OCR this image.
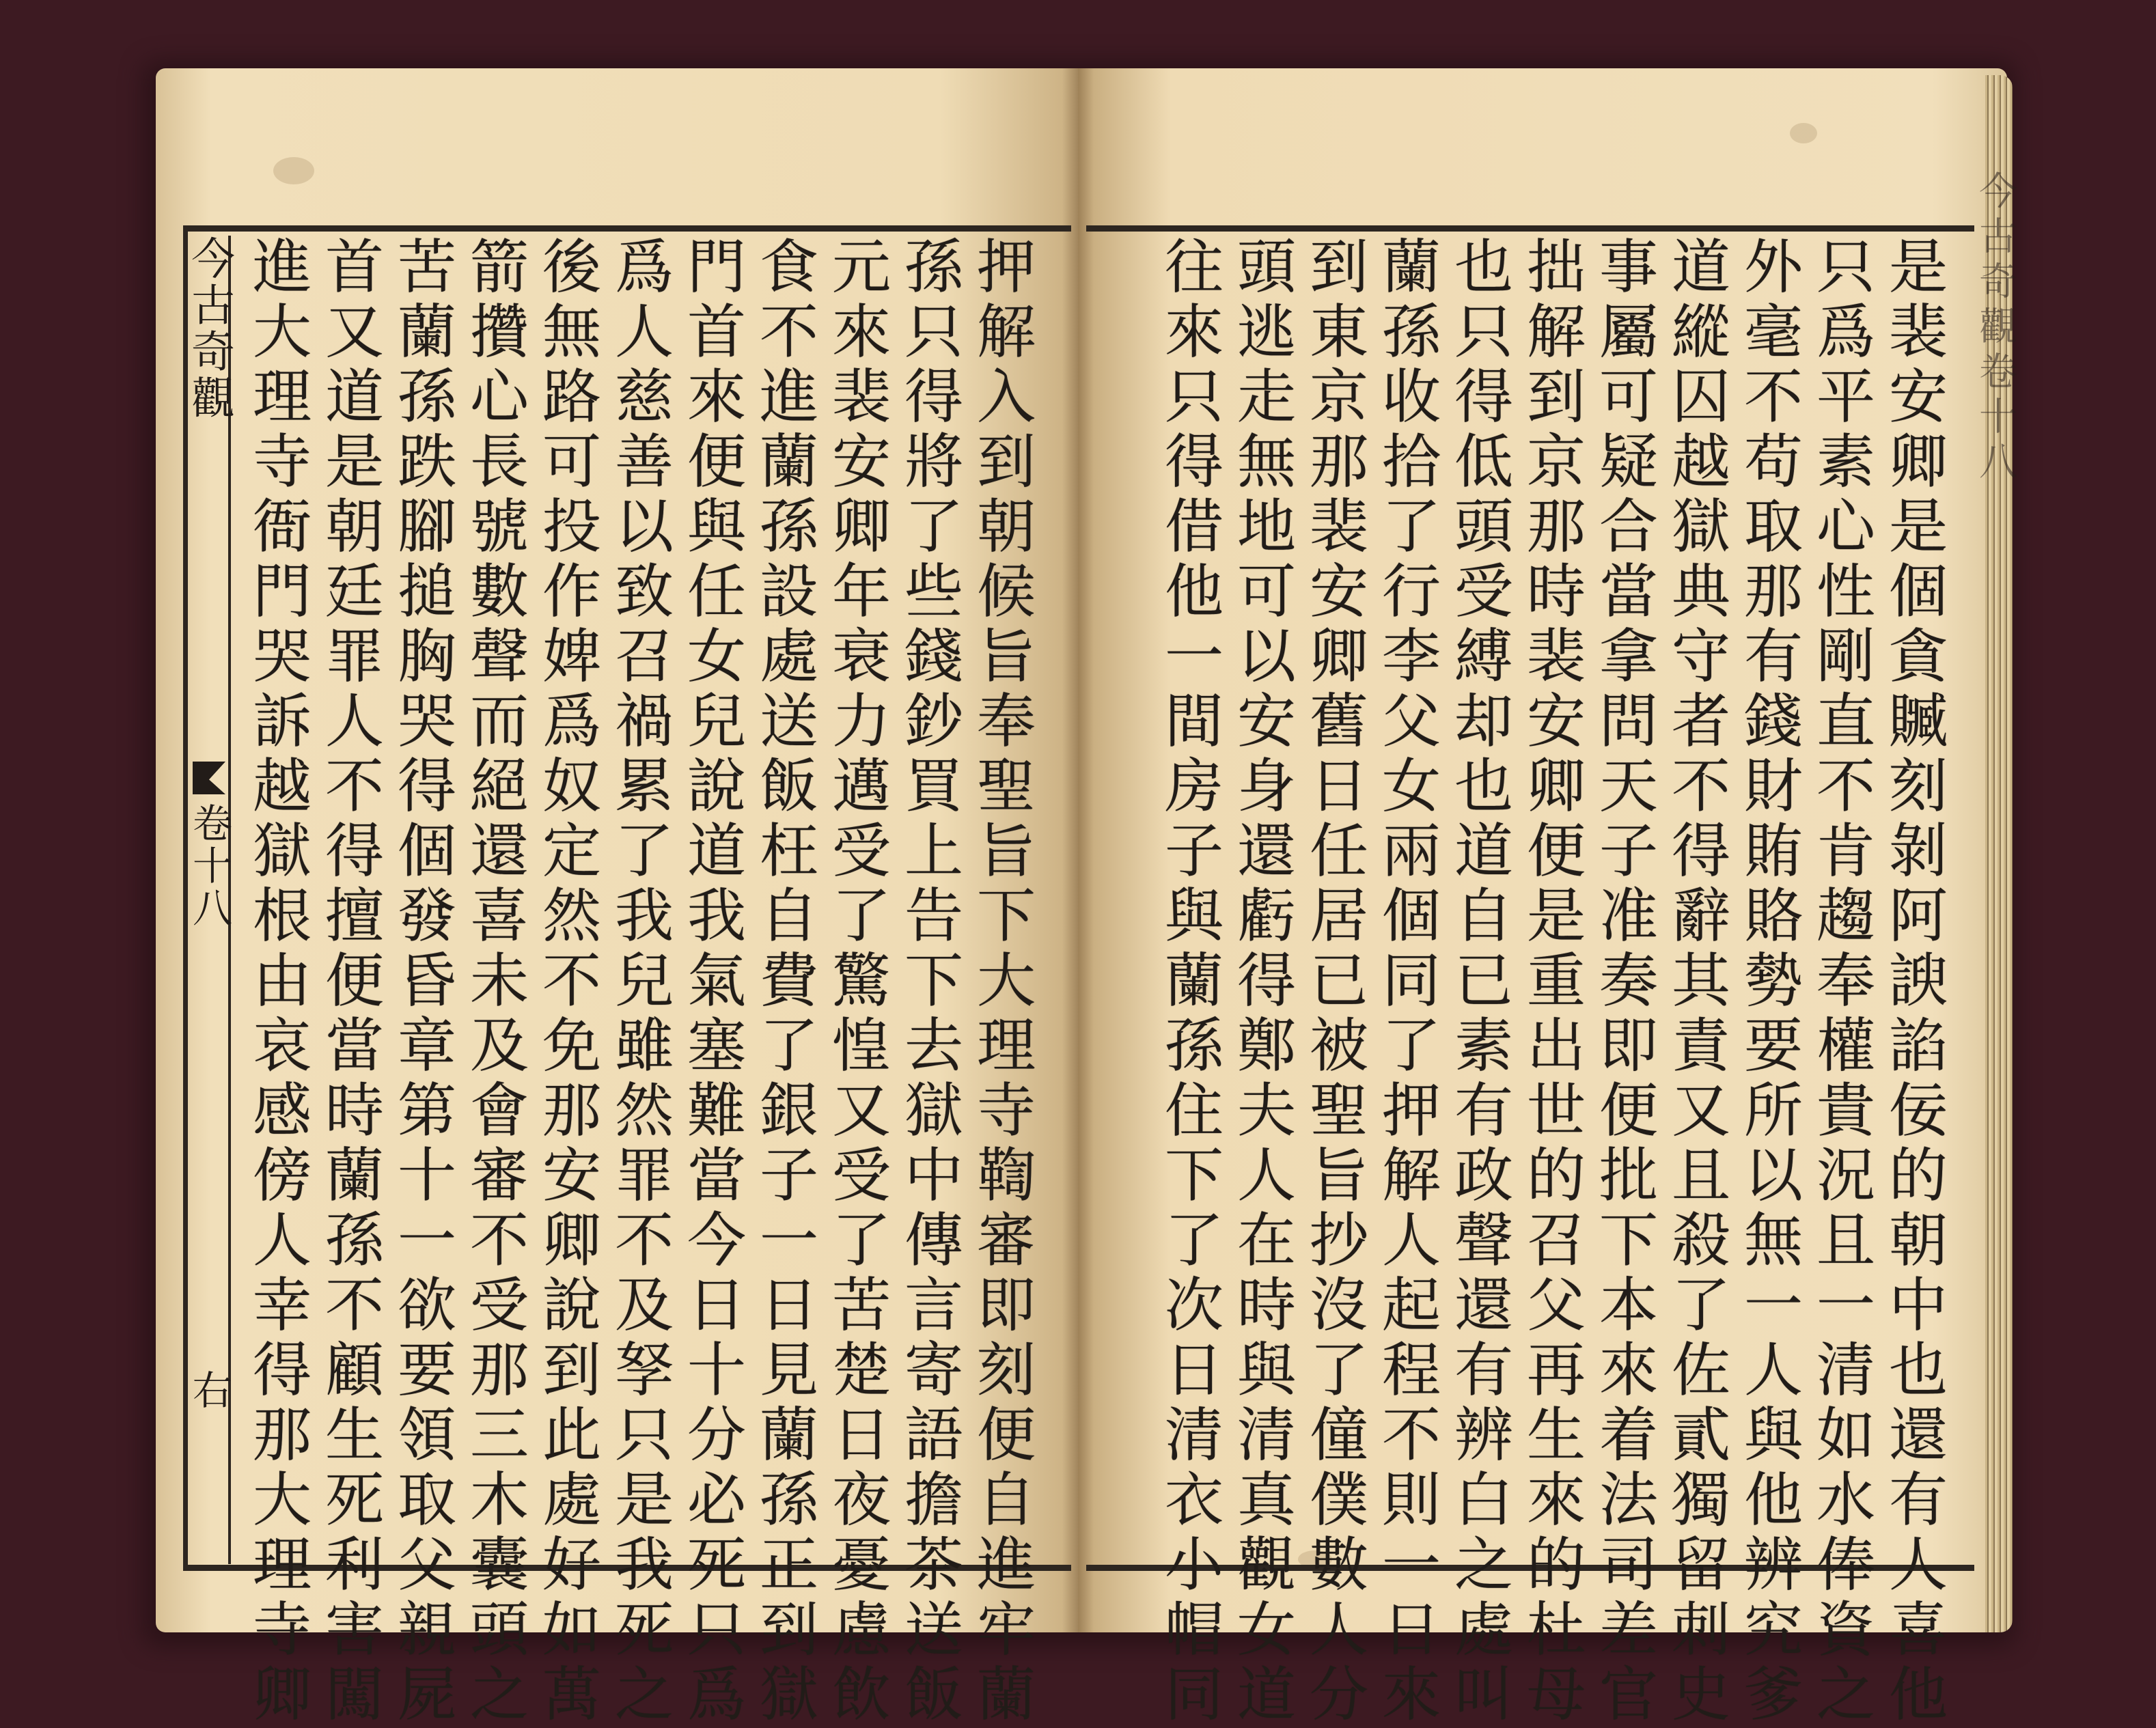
今古奇觀
卷十八
右	押解入到朝候旨奉聖旨下大理寺鞫審即刻便自進牢蘭
孫只得將了些錢鈔買上告下去獄中傳言寄語擔茶送飯
元來裴安卿年衰力邁受了驚惶又受了苦楚日夜憂慮飲
食不進蘭孫設處送飯枉自費了銀子一日見蘭孫正到獄
門首來便與任女兒說道我氣塞難當今日十分必死只爲
爲人慈善以致召禍累了我兒雖然罪不及孥只是我死之
後無路可投作婢爲奴定然不免那安卿說到此處好如萬
箭攢心長號數聲而絕還喜未及會審不受那三木囊頭之
苦蘭孫跌腳搥胸哭得個發昏章第十一欲要領取父親屍
首又道是朝廷罪人不得擅便當時蘭孫不顧生死利害闖
進大理寺衙門哭訴越獄根由哀感傍人幸得那大理寺卿	是裴安卿是個貪贓刻剝阿諛諂佞的朝中也還有人喜他
只爲平素心性剛直不肯趨奉權貴況且一清如水俸資之
外毫不苟取那有錢財賄賂勢要所以無一人與他辨究爹
道縱囚越獄典守者不得辭其責又且殺了佐貳獨留刺史
事屬可疑合當拿問天子准奏即便批下本來着法司差官
拙解到京那時裴安卿便是重出世的召父再生來的杜母
也只得低頭受縛却也道自已素有政聲還有辨白之處叫
蘭孫收拾了行李父女兩個同了押解人起程不則一日來
到東京那裴安卿舊日任居已被聖旨抄沒了僮僕數人分
頭逃走無地可以安身還虧得鄭夫人在時與清真觀女道
往來只得借他一間房子與蘭孫住下了次日清衣小帽同	今古奇觀卷十八
